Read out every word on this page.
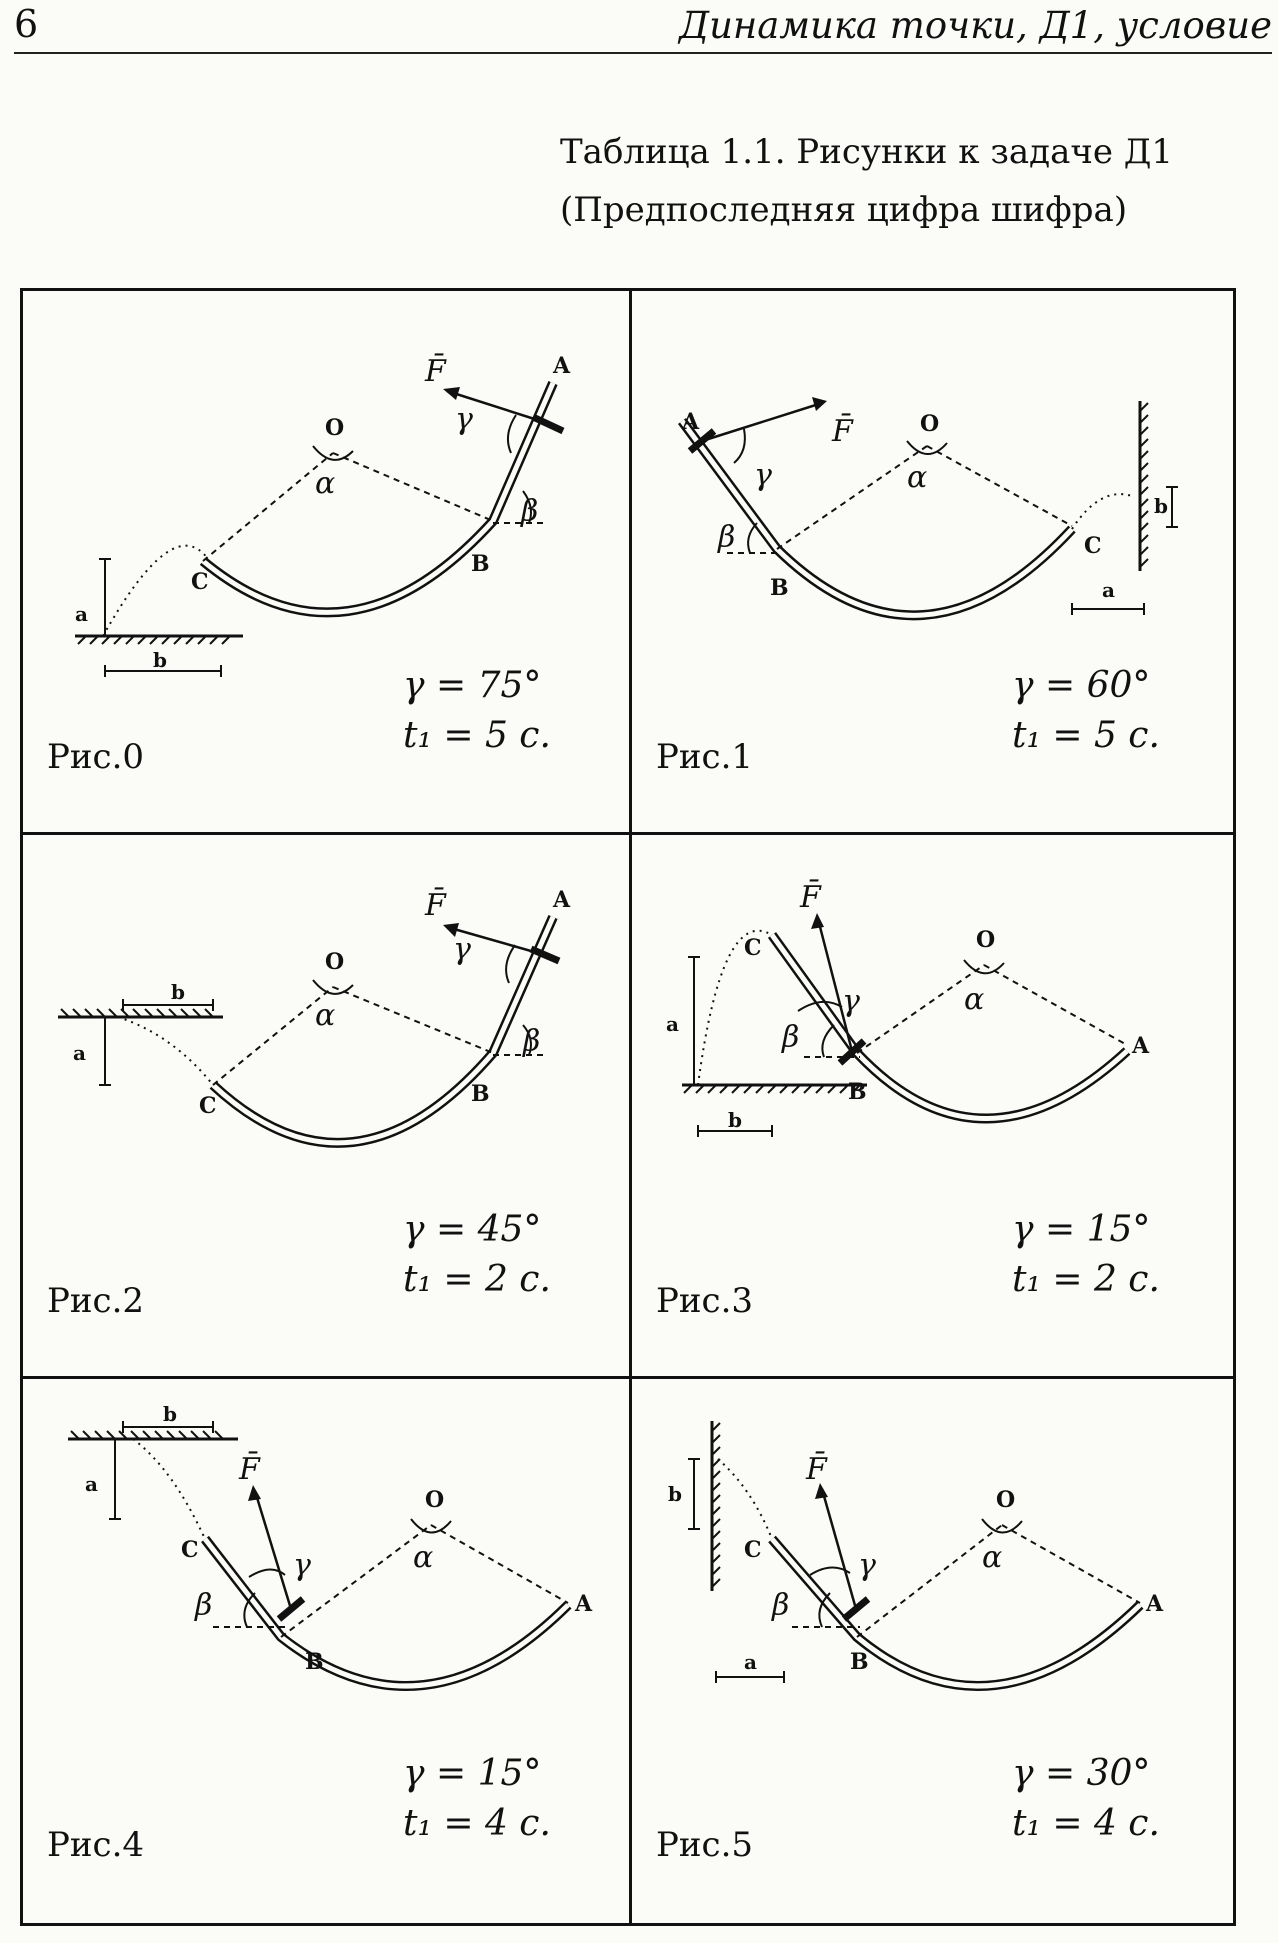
6	Динамика точки, Д1, условие
Таблица 1.1. Рисунки к задаче Д1
(Предпоследняя цифра шифра)
A
B
C
O
F̄
γ
α
β
a
b
Рис.0
γ = 75°
t₁ = 5 c.
A
B
C
O
F̄
γ	α
β
b
a
Рис.1
γ = 60°
t₁ = 5 c.
A
B
C
O
F̄
γ
α
β
b
a
Рис.2
γ = 45°
t₁ = 2 c.
A
B
C	O
F̄
γ	α
β
a
b
Рис.3
γ = 15°
t₁ = 2 c.
A
B
C
O
F̄
γ	α
β
b
a
Рис.4
γ = 15°
t₁ = 4 c.
A
B
C
O
F̄
γ	α
β
b
a
Рис.5
γ = 30°
t₁ = 4 c.
